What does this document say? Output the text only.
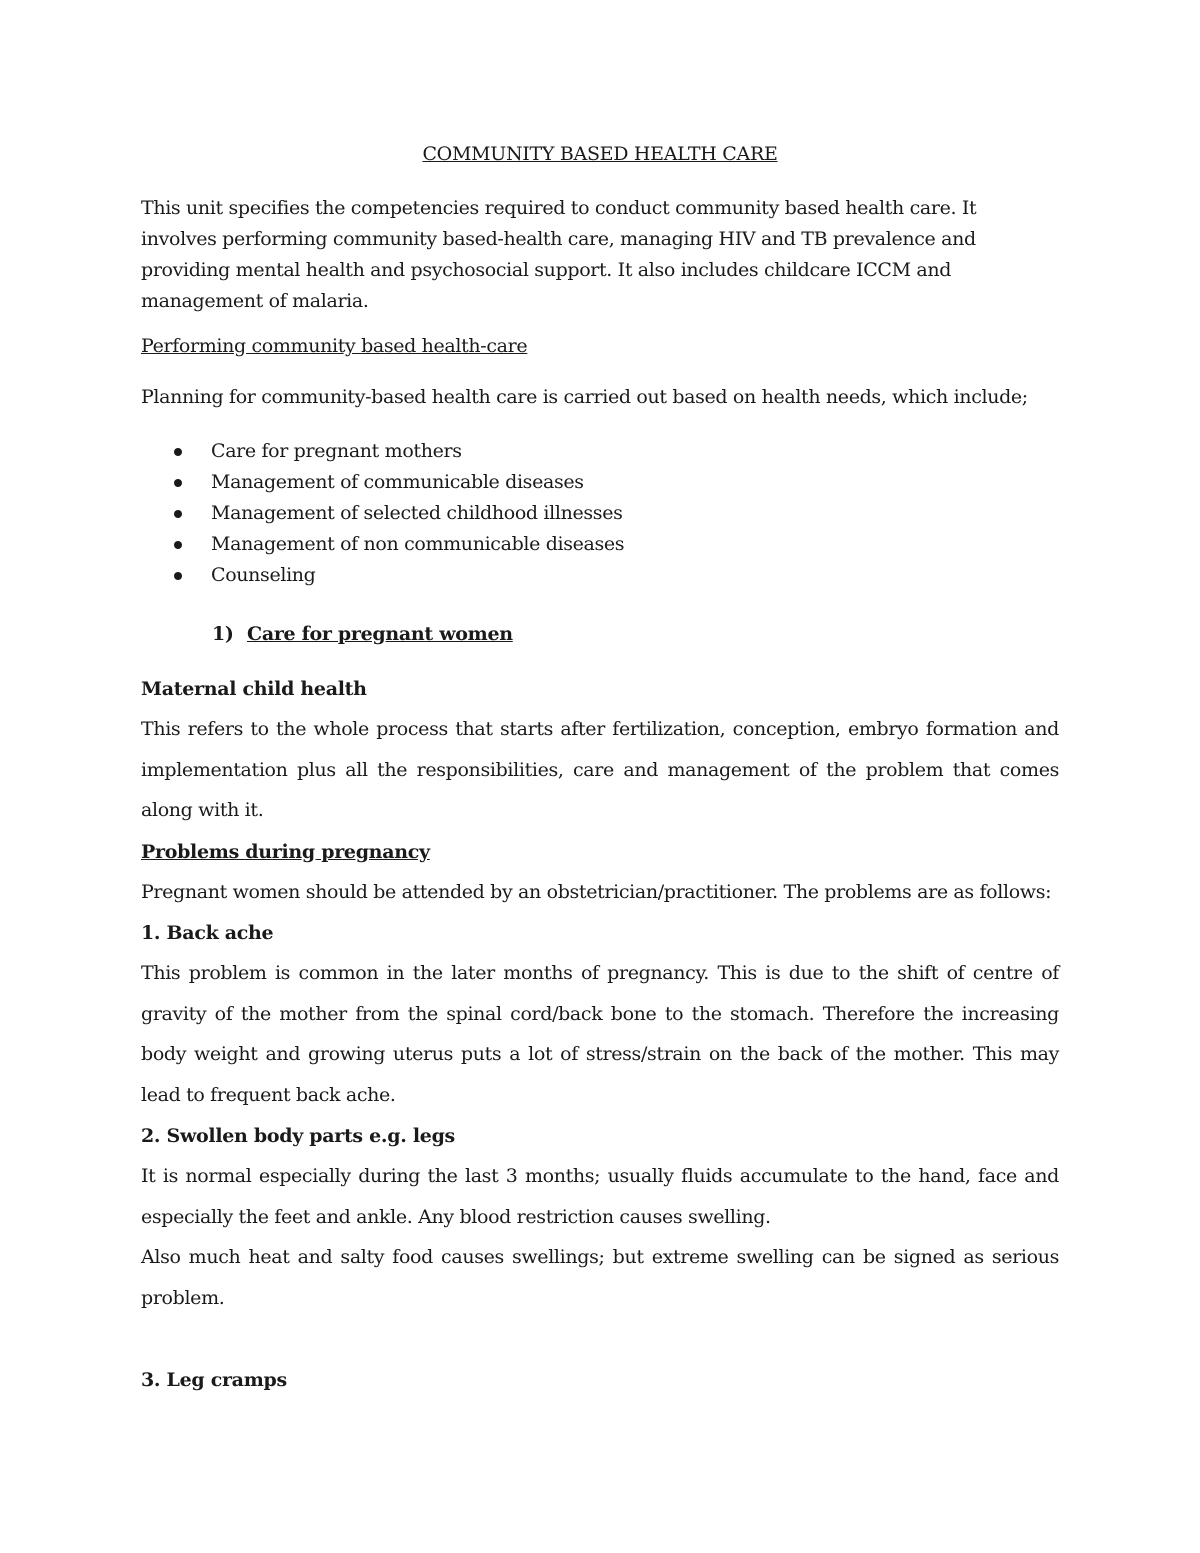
COMMUNITY BASED HEALTH CARE

This unit specifies the competencies required to conduct community based health care. It involves performing community based-health care, managing HIV and TB prevalence and providing mental health and psychosocial support. It also includes childcare ICCM and management of malaria.

Performing community based health-care

Planning for community-based health care is carried out based on health needs, which include;

Care for pregnant mothers
Management of communicable diseases
Management of selected childhood illnesses
Management of non communicable diseases
Counseling
1) Care for pregnant women
Maternal child health

This refers to the whole process that starts after fertilization, conception, embryo formation and implementation plus all the responsibilities, care and management of the problem that comes along with it.

Problems during pregnancy

Pregnant women should be attended by an obstetrician/practitioner. The problems are as follows:

1. Back ache

This problem is common in the later months of pregnancy. This is due to the shift of centre of gravity of the mother from the spinal cord/back bone to the stomach. Therefore the increasing body weight and growing uterus puts a lot of stress/strain on the back of the mother. This may lead to frequent back ache.

2. Swollen body parts e.g. legs

It is normal especially during the last 3 months; usually fluids accumulate to the hand, face and especially the feet and ankle. Any blood restriction causes swelling.

Also much heat and salty food causes swellings; but extreme swelling can be signed as serious problem.

3. Leg cramps
